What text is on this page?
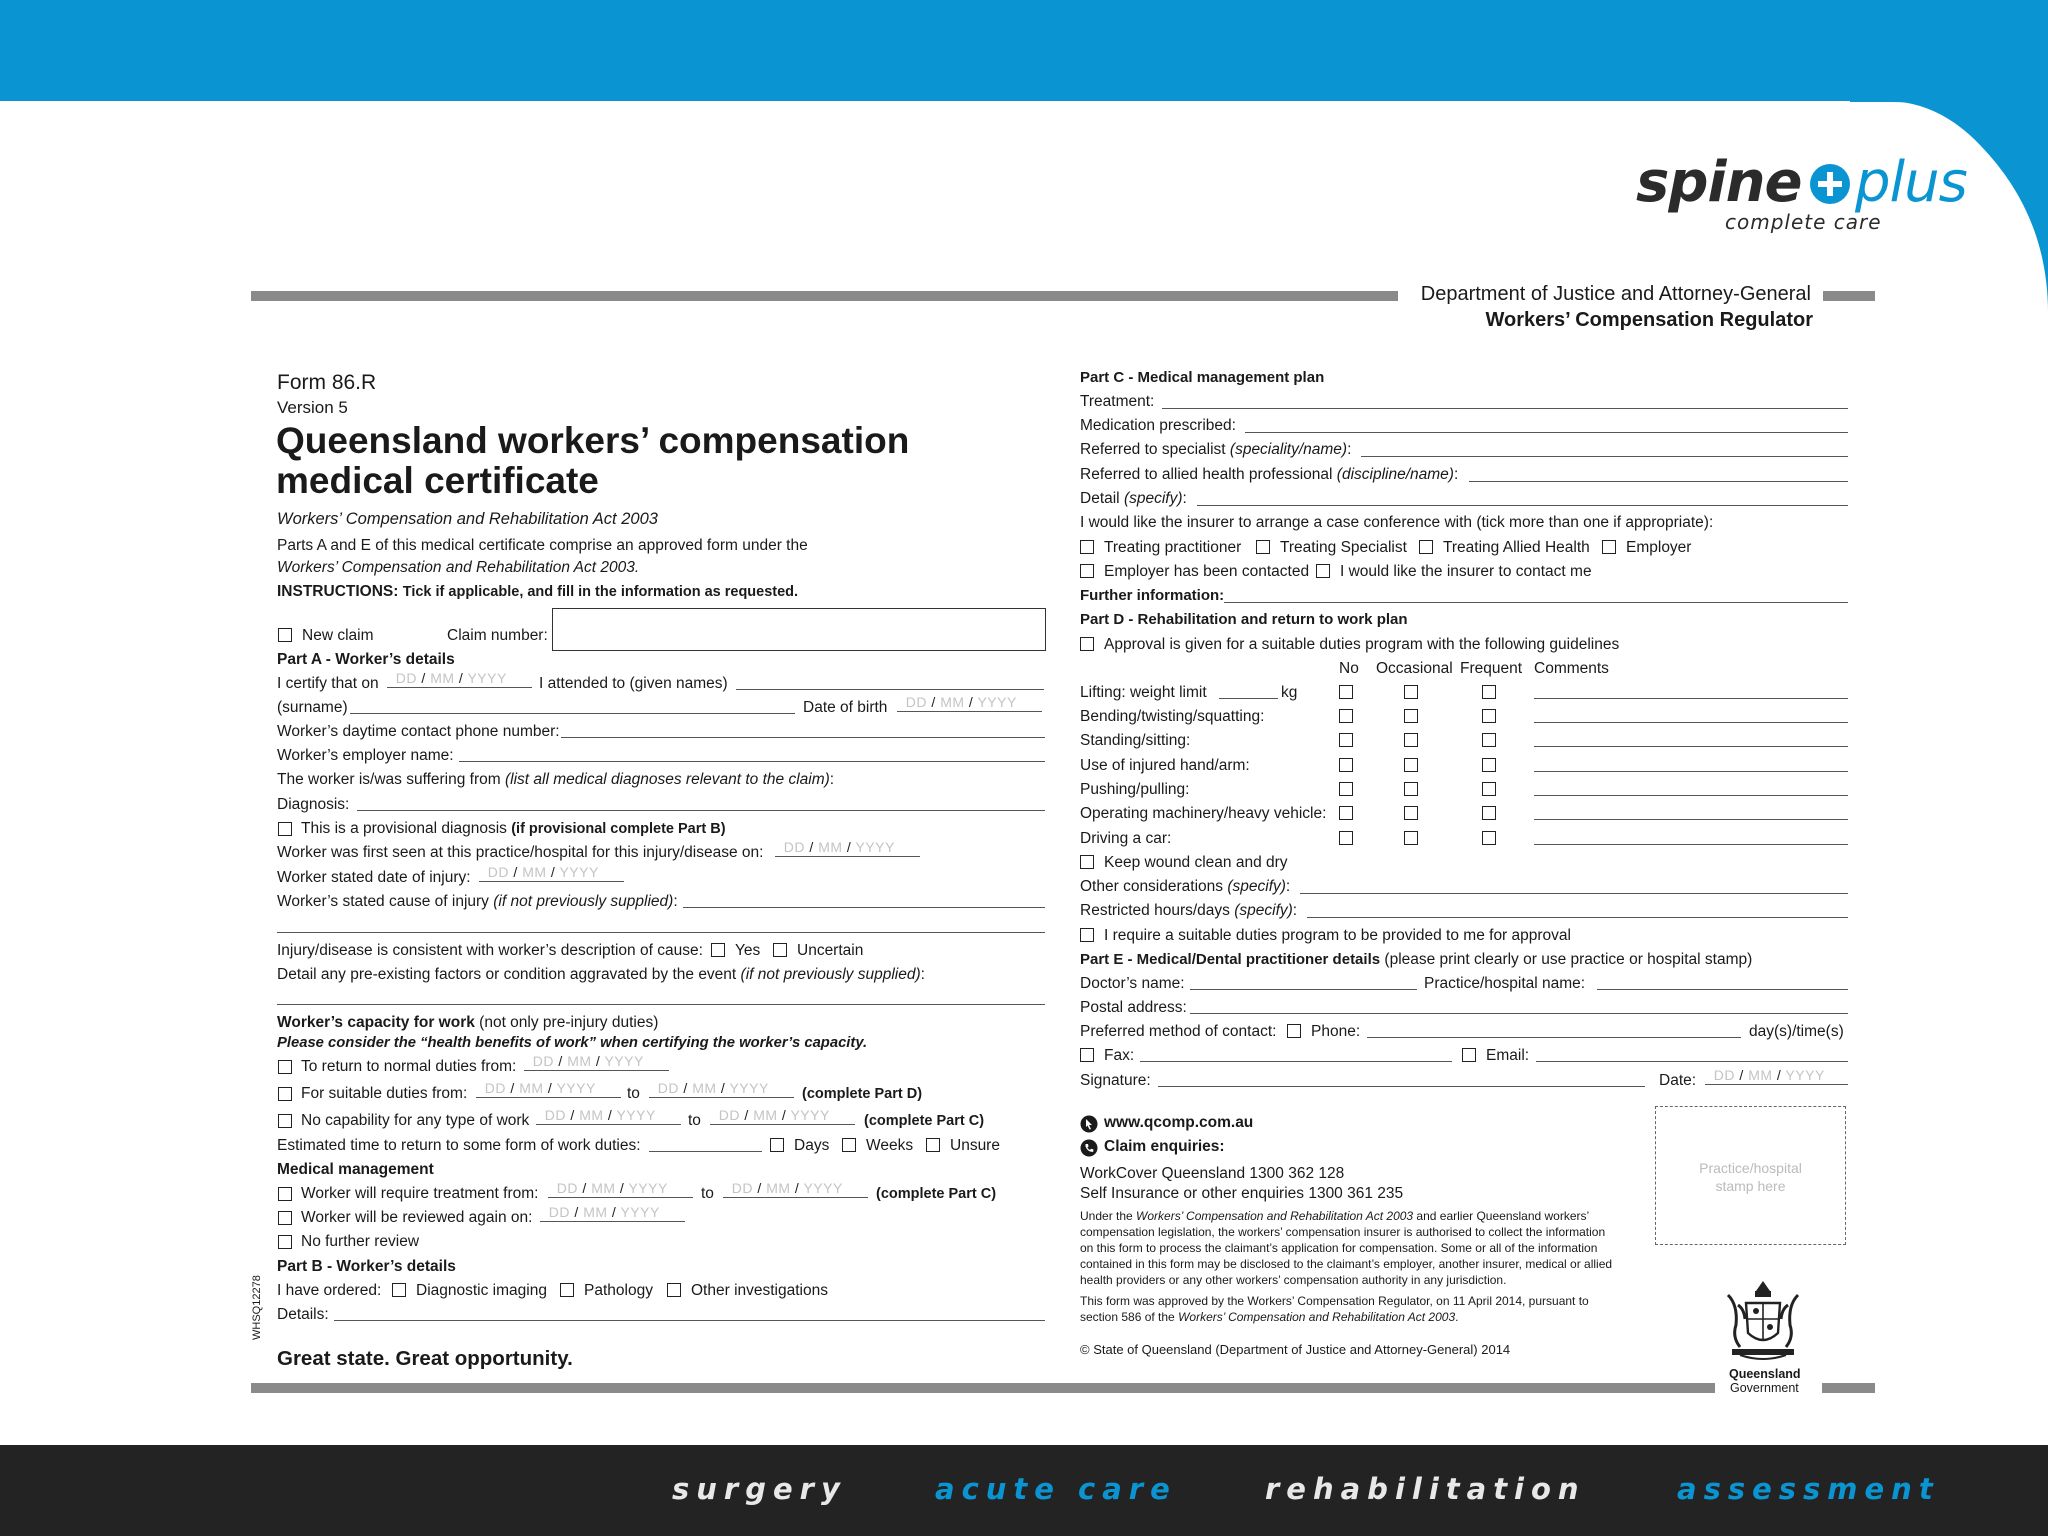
spine plus
complete care
Department of Justice and Attorney-General
Workers’ Compensation Regulator
Form 86.R
Version 5
Queensland workers’ compensation
medical certificate
Workers’ Compensation and Rehabilitation Act 2003
Parts A and E of this medical certificate comprise an approved form under the
Workers’ Compensation and Rehabilitation Act 2003.
INSTRUCTIONS: Tick if applicable, and fill in the information as requested.
New claim	Claim number:
Part A - Worker’s details
I certify that on	DD / MM / YYYY	I attended to (given names)
(surname)	Date of birth	DD / MM / YYYY
Worker’s daytime contact phone number:
Worker’s employer name:
The worker is/was suffering from (list all medical diagnoses relevant to the claim):
Diagnosis:
This is a provisional diagnosis (if provisional complete Part B)
Worker was first seen at this practice/hospital for this injury/disease on:	DD / MM / YYYY
Worker stated date of injury:	DD / MM / YYYY
Worker’s stated cause of injury (if not previously supplied):
Injury/disease is consistent with worker’s description of cause: Yes Uncertain
Detail any pre-existing factors or condition aggravated by the event (if not previously supplied):
Worker’s capacity for work (not only pre-injury duties)
Please consider the “health benefits of work” when certifying the worker’s capacity.
To return to normal duties from:	DD / MM / YYYY
For suitable duties from:	DD / MM / YYYY	to	DD / MM / YYYY	(complete Part D)
No capability for any type of work	DD / MM / YYYY	to	DD / MM / YYYY	(complete Part C)
Estimated time to return to some form of work duties:	Days Weeks Unsure
Medical management
Worker will require treatment from:	DD / MM / YYYY	to	DD / MM / YYYY	(complete Part C)
Worker will be reviewed again on:	DD / MM / YYYY
No further review
Part B - Worker’s details
I have ordered: Diagnostic imaging Pathology Other investigations
Details:
WHSQ12278
Great state. Great opportunity.
Part C - Medical management plan
Treatment:
Medication prescribed:
Referred to specialist (speciality/name):
Referred to allied health professional (discipline/name):
Detail (specify):
I would like the insurer to arrange a case conference with (tick more than one if appropriate):
Treating practitioner Treating Specialist Treating Allied Health Employer
Employer has been contacted I would like the insurer to contact me
Further information:
Part D - Rehabilitation and return to work plan
Approval is given for a suitable duties program with the following guidelines
No Occasional Frequent Comments
Lifting: weight limit	kg
Bending/twisting/squatting:
Standing/sitting:
Use of injured hand/arm:
Pushing/pulling:
Operating machinery/heavy vehicle:
Driving a car:
Keep wound clean and dry
Other considerations (specify):
Restricted hours/days (specify):
I require a suitable duties program to be provided to me for approval
Part E - Medical/Dental practitioner details (please print clearly or use practice or hospital stamp)
Doctor’s name:	Practice/hospital name:
Postal address:
Preferred method of contact: Phone:	day(s)/time(s)
Fax:	Email:
Signature:	Date:	DD / MM / YYYY
www.qcomp.com.au
Claim enquiries:
WorkCover Queensland 1300 362 128
Self Insurance or other enquiries 1300 361 235
Under the Workers’ Compensation and Rehabilitation Act 2003 and earlier Queensland workers’
compensation legislation, the workers’ compensation insurer is authorised to collect the information
on this form to process the claimant’s application for compensation. Some or all of the information
contained in this form may be disclosed to the claimant’s employer, another insurer, medical or allied
health providers or any other workers’ compensation authority in any jurisdiction.
This form was approved by the Workers’ Compensation Regulator, on 11 April 2014, pursuant to
section 586 of the Workers’ Compensation and Rehabilitation Act 2003.
© State of Queensland (Department of Justice and Attorney-General) 2014
Practice/hospital
stamp here
Queensland
Government
surgery	acute care	rehabilitation	assessment
